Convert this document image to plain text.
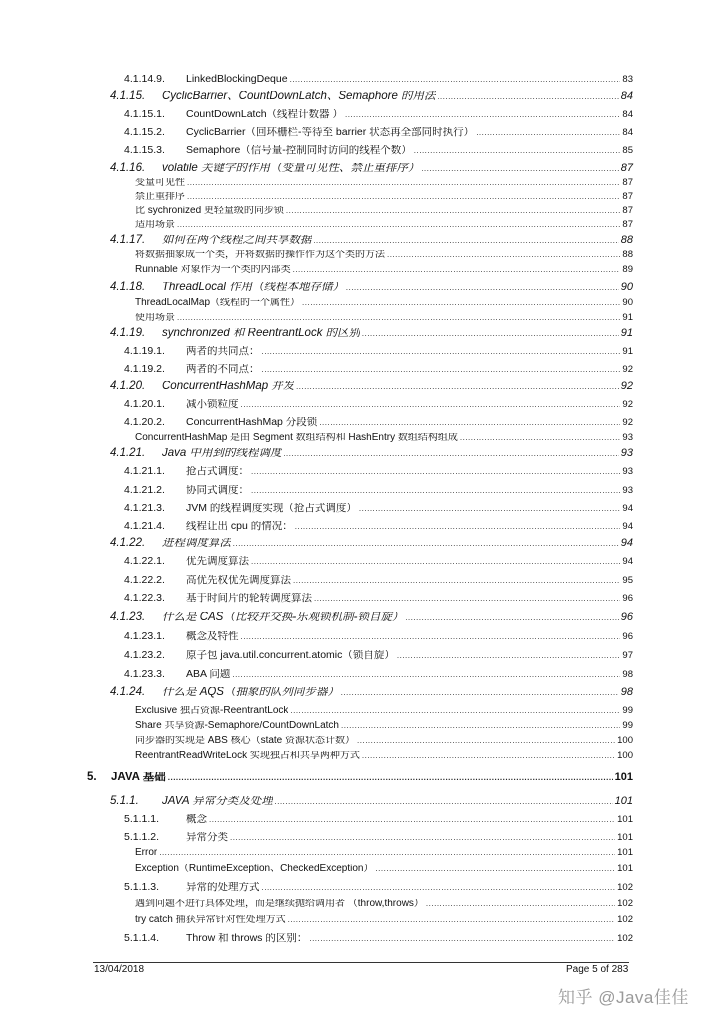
4.1.14.9.	LinkedBlockingDeque .....	83
4.1.15.	CyclicBarrier、CountDownLatch、Semaphore 的用法 .....	84
4.1.15.1.	CountDownLatch（线程计数器 ） .....	84
4.1.15.2.	CyclicBarrier（回环栅栏-等待至 barrier 状态再全部同时执行） .....	84
4.1.15.3.	Semaphore（信号量-控制同时访问的线程个数） .....	85
4.1.16.	volatile 关键字的作用（变量可见性、禁止重排序） .....	87
变量可见性 .....	87
禁止重排序 .....	87
比 sychronized 更轻量级的同步锁 .....	87
适用场景 .....	87
4.1.17.	如何在两个线程之间共享数据 .....	88
将数据抽象成一个类，并将数据的操作作为这个类的方法 .....	88
Runnable 对象作为一个类的内部类 .....	89
4.1.18.	ThreadLocal 作用（线程本地存储） .....	90
ThreadLocalMap（线程的一个属性） .....	90
使用场景 .....	91
4.1.19.	synchronized 和 ReentrantLock 的区别 .....	91
4.1.19.1.	两者的共同点： .....	91
4.1.19.2.	两者的不同点： .....	92
4.1.20.	ConcurrentHashMap 并发 .....	92
4.1.20.1.	减小锁粒度 .....	92
4.1.20.2.	ConcurrentHashMap 分段锁 .....	92
ConcurrentHashMap 是由 Segment 数组结构和 HashEntry 数组结构组成 .....	93
4.1.21.	Java 中用到的线程调度 .....	93
4.1.21.1.	抢占式调度： .....	93
4.1.21.2.	协同式调度： .....	93
4.1.21.3.	JVM 的线程调度实现（抢占式调度） .....	94
4.1.21.4.	线程让出 cpu 的情况： .....	94
4.1.22.	进程调度算法 .....	94
4.1.22.1.	优先调度算法 .....	94
4.1.22.2.	高优先权优先调度算法 .....	95
4.1.22.3.	基于时间片的轮转调度算法 .....	96
4.1.23.	什么是 CAS（比较并交换-乐观锁机制-锁自旋） .....	96
4.1.23.1.	概念及特性 .....	96
4.1.23.2.	原子包 java.util.concurrent.atomic（锁自旋） .....	97
4.1.23.3.	ABA 问题 .....	98
4.1.24.	什么是 AQS（抽象的队列同步器） .....	98
Exclusive 独占资源-ReentrantLock .....	99
Share 共享资源-Semaphore/CountDownLatch .....	99
同步器的实现是 ABS 核心（state 资源状态计数） .....	100
ReentrantReadWriteLock 实现独占和共享两种方式 .....	100
5.	JAVA 基础 .....	101
5.1.1.	JAVA 异常分类及处理 .....	101
5.1.1.1.	概念 .....	101
5.1.1.2.	异常分类 .....	101
Error .....	101
Exception（RuntimeException、CheckedException） .....	101
5.1.1.3.	异常的处理方式 .....	102
遇到问题不进行具体处理，而是继续抛给调用者 （throw,throws） .....	102
try catch 捕获异常针对性处理方式 .....	102
5.1.1.4.	Throw 和 throws 的区别： .....	102
13/04/2018	Page 5 of 283
知乎 @Java佳佳
